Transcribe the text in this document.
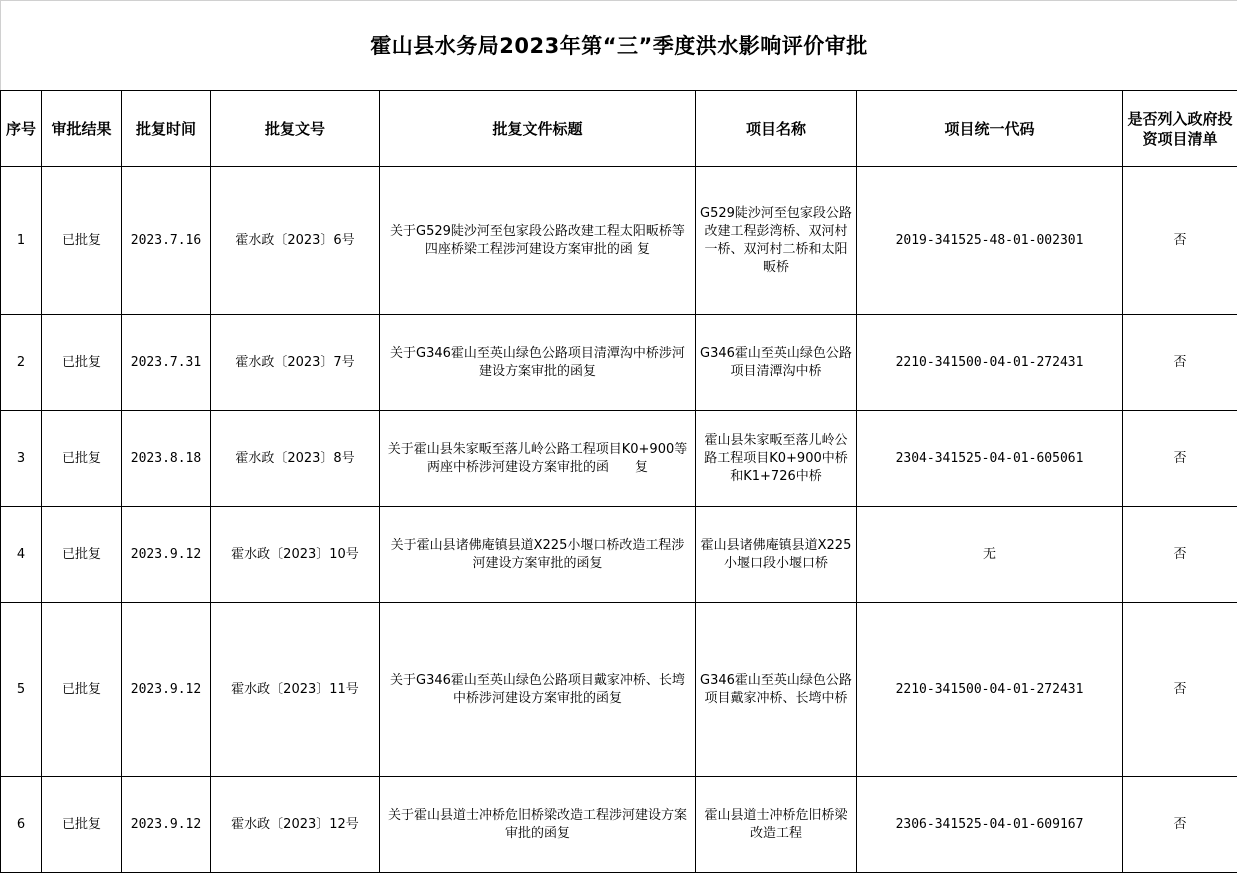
霍山县水务局2023年第“三”季度洪水影响评价审批							
序号	审批结果	批复时间	批复文号	批复文件标题	项目名称	项目统一代码	是否列入政府投资项目清单
1	已批复	2023.7.16	霍水政〔2023〕6号	关于G529陡沙河至包家段公路改建工程太阳畈桥等四座桥梁工程涉河建设方案审批的函 复	G529陡沙河至包家段公路改建工程彭湾桥、双河村一桥、双河村二桥和太阳畈桥	2019-341525-48-01-002301	否
2	已批复	2023.7.31	霍水政〔2023〕7号	关于G346霍山至英山绿色公路项目清潭沟中桥涉河建设方案审批的函复	G346霍山至英山绿色公路项目清潭沟中桥	2210-341500-04-01-272431	否
3	已批复	2023.8.18	霍水政〔2023〕8号	关于霍山县朱家畈至落儿岭公路工程项目K0+900等两座中桥涉河建设方案审批的函　　复	霍山县朱家畈至落儿岭公路工程项目K0+900中桥和K1+726中桥	2304-341525-04-01-605061	否
4	已批复	2023.9.12	霍水政〔2023〕10号	关于霍山县诸佛庵镇县道X225小堰口桥改造工程涉河建设方案审批的函复	霍山县诸佛庵镇县道X225小堰口段小堰口桥	无	否
5	已批复	2023.9.12	霍水政〔2023〕11号	关于G346霍山至英山绿色公路项目戴家冲桥、长塆中桥涉河建设方案审批的函复	G346霍山至英山绿色公路项目戴家冲桥、长塆中桥	2210-341500-04-01-272431	否
6	已批复	2023.9.12	霍水政〔2023〕12号	关于霍山县道士冲桥危旧桥梁改造工程涉河建设方案审批的函复	霍山县道士冲桥危旧桥梁改造工程	2306-341525-04-01-609167	否
